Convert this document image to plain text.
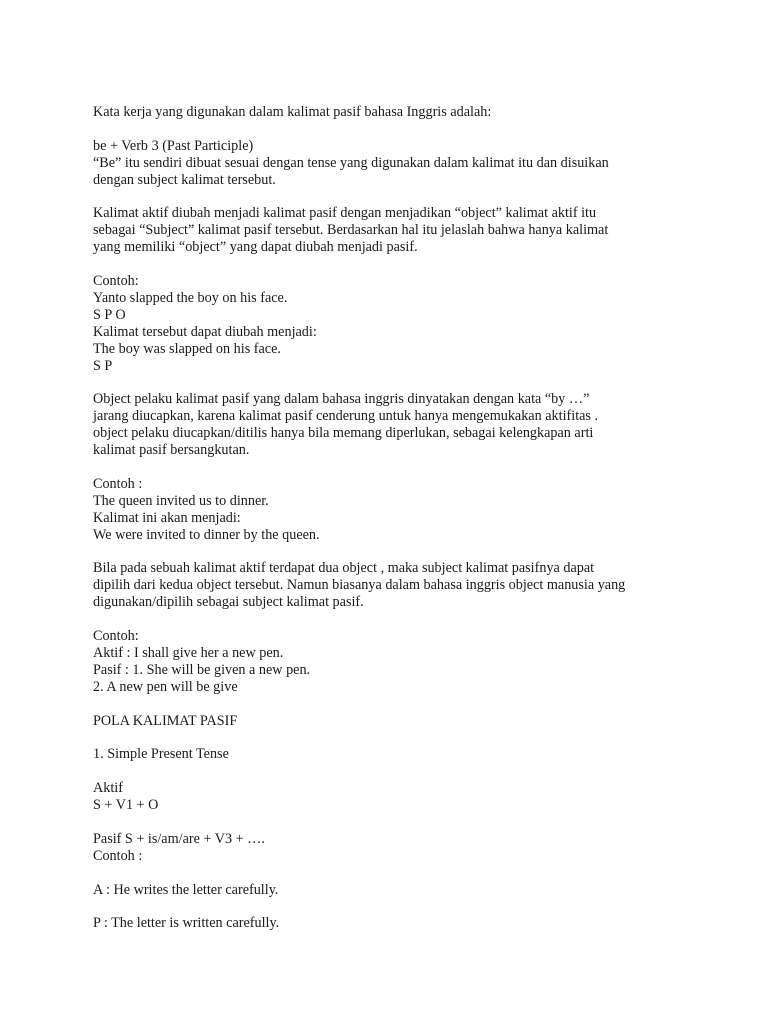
Kata kerja yang digunakan dalam kalimat pasif bahasa Inggris adalah:
be + Verb 3 (Past Participle)
“Be” itu sendiri dibuat sesuai dengan tense yang digunakan dalam kalimat itu dan disuikan
dengan subject kalimat tersebut.
Kalimat aktif diubah menjadi kalimat pasif dengan menjadikan “object” kalimat aktif itu
sebagai “Subject” kalimat pasif tersebut. Berdasarkan hal itu jelaslah bahwa hanya kalimat
yang memiliki “object” yang dapat diubah menjadi pasif.
Contoh:
Yanto slapped the boy on his face.
S P O
Kalimat tersebut dapat diubah menjadi:
The boy was slapped on his face.
S P
Object pelaku kalimat pasif yang dalam bahasa inggris dinyatakan dengan kata “by …”
jarang diucapkan, karena kalimat pasif cenderung untuk hanya mengemukakan aktifitas .
object pelaku diucapkan/ditilis hanya bila memang diperlukan, sebagai kelengkapan arti
kalimat pasif bersangkutan.
Contoh :
The queen invited us to dinner.
Kalimat ini akan menjadi:
We were invited to dinner by the queen.
Bila pada sebuah kalimat aktif terdapat dua object , maka subject kalimat pasifnya dapat
dipilih dari kedua object tersebut. Namun biasanya dalam bahasa inggris object manusia yang
digunakan/dipilih sebagai subject kalimat pasif.
Contoh:
Aktif : I shall give her a new pen.
Pasif : 1. She will be given a new pen.
2. A new pen will be give
POLA KALIMAT PASIF
1. Simple Present Tense
Aktif
S + V1 + O
Pasif S + is/am/are + V3 + ….
Contoh :
A : He writes the letter carefully.
P : The letter is written carefully.
